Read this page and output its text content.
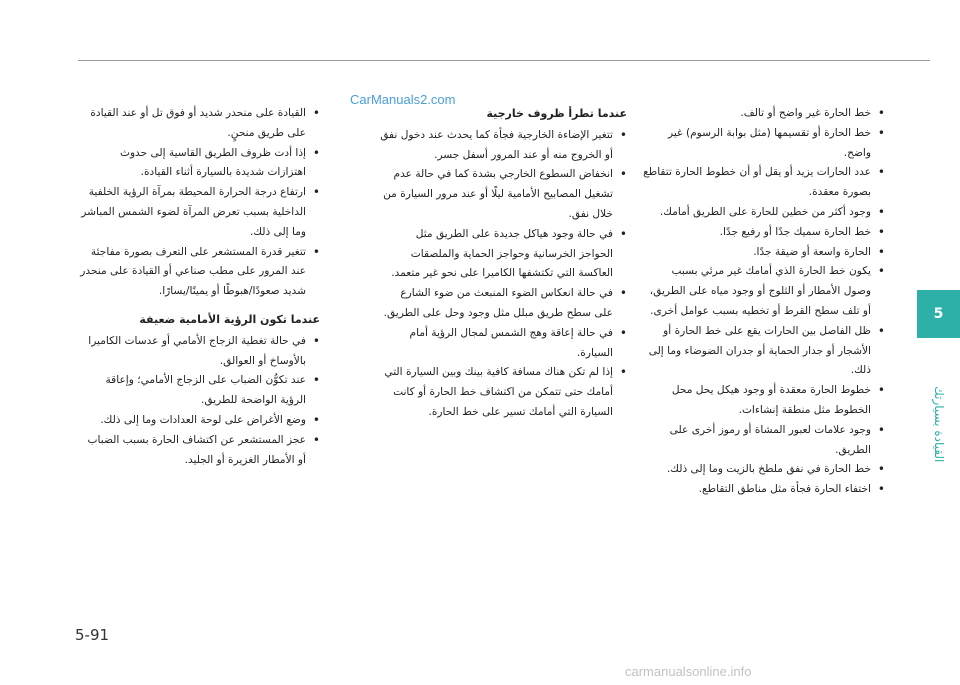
CarManuals2.com
• خط الحارة غير واضح أو تالف.
• خط الحارة أو تقسيمها (مثل بوابة الرسوم) غير واضح.
• عدد الحارات يزيد أو يقل أو أن خطوط الحارة تتقاطع بصورة معقدة.
• وجود أكثر من خطين للحارة على الطريق أمامك.
• خط الحارة سميك جدًا أو رفيع جدًا.
• الحارة واسعة أو ضيقة جدًا.
• يكون خط الحارة الذي أمامك غير مرئي بسبب وصول الأمطار أو الثلوج أو وجود مياه على الطريق، أو تلف سطح القرط أو تخطيه بسبب عوامل أخرى.
• ظل الفاصل بين الحارات يقع على خط الحارة أو الأشجار أو جدار الحماية أو جدران الضوضاء وما إلى ذلك.
• خطوط الحارة معقدة أو وجود هيكل يحل محل الخطوط مثل منطقة إنشاءات.
• وجود علامات لعبور المشاة أو رموز أخرى على الطريق.
• خط الحارة في نفق ملطخ بالزيت وما إلى ذلك.
• اختفاء الحارة فجأة مثل مناطق التقاطع.
عندما تطرأ ظروف خارجية
• تتغير الإضاءة الخارجية فجأة كما يحدث عند دخول نفق أو الخروج منه أو عند المرور أسفل جسر.
• انخفاض السطوع الخارجي بشدة كما في حالة عدم تشغيل المصابيح الأمامية ليلًا أو عند مرور السيارة من خلال نفق.
• في حالة وجود هياكل جديدة على الطريق مثل الحواجز الخرسانية وحواجز الحماية والملصقات العاكسة التي تكتشفها الكاميرا على نحو غير متعمد.
• في حالة انعكاس الضوء المنبعث من ضوء الشارع على سطح طريق مبلل مثل وجود وحل على الطريق.
• في حالة إعاقة وهج الشمس لمجال الرؤية أمام السيارة.
• إذا لم تكن هناك مسافة كافية بينك وبين السيارة التي أمامك حتى تتمكن من اكتشاف خط الحارة أو كانت السيارة التي أمامك تسير على خط الحارة.
• القيادة على منحدر شديد أو فوق تل أو عند القيادة على طريق منحنٍ.
• إذا أدت ظروف الطريق القاسية إلى حدوث اهتزازات شديدة بالسيارة أثناء القيادة.
• ارتفاع درجة الحرارة المحيطة بمرآة الرؤية الخلفية الداخلية بسبب تعرض المرآة لضوء الشمس المباشر وما إلى ذلك.
• تتغير قدرة المستشعر على التعرف بصورة مفاجئة عند المرور على مطب صناعي أو القيادة على منحدر شديد صعودًا/هبوطًا أو يمينًا/يسارًا.
عندما تكون الرؤية الأمامية ضعيفة
• في حالة تغطية الزجاج الأمامي أو عدسات الكاميرا بالأوساخ أو العوالق.
• عند تكوُّن الضباب على الزجاج الأمامي؛ وإعاقة الرؤية الواضحة للطريق.
• وضع الأغراض على لوحة العدادات وما إلى ذلك.
• عجز المستشعر عن اكتشاف الحارة بسبب الضباب أو الأمطار الغزيرة أو الجليد.
5
القيادة بسيارتك
5-91
carmanualsonline.info
